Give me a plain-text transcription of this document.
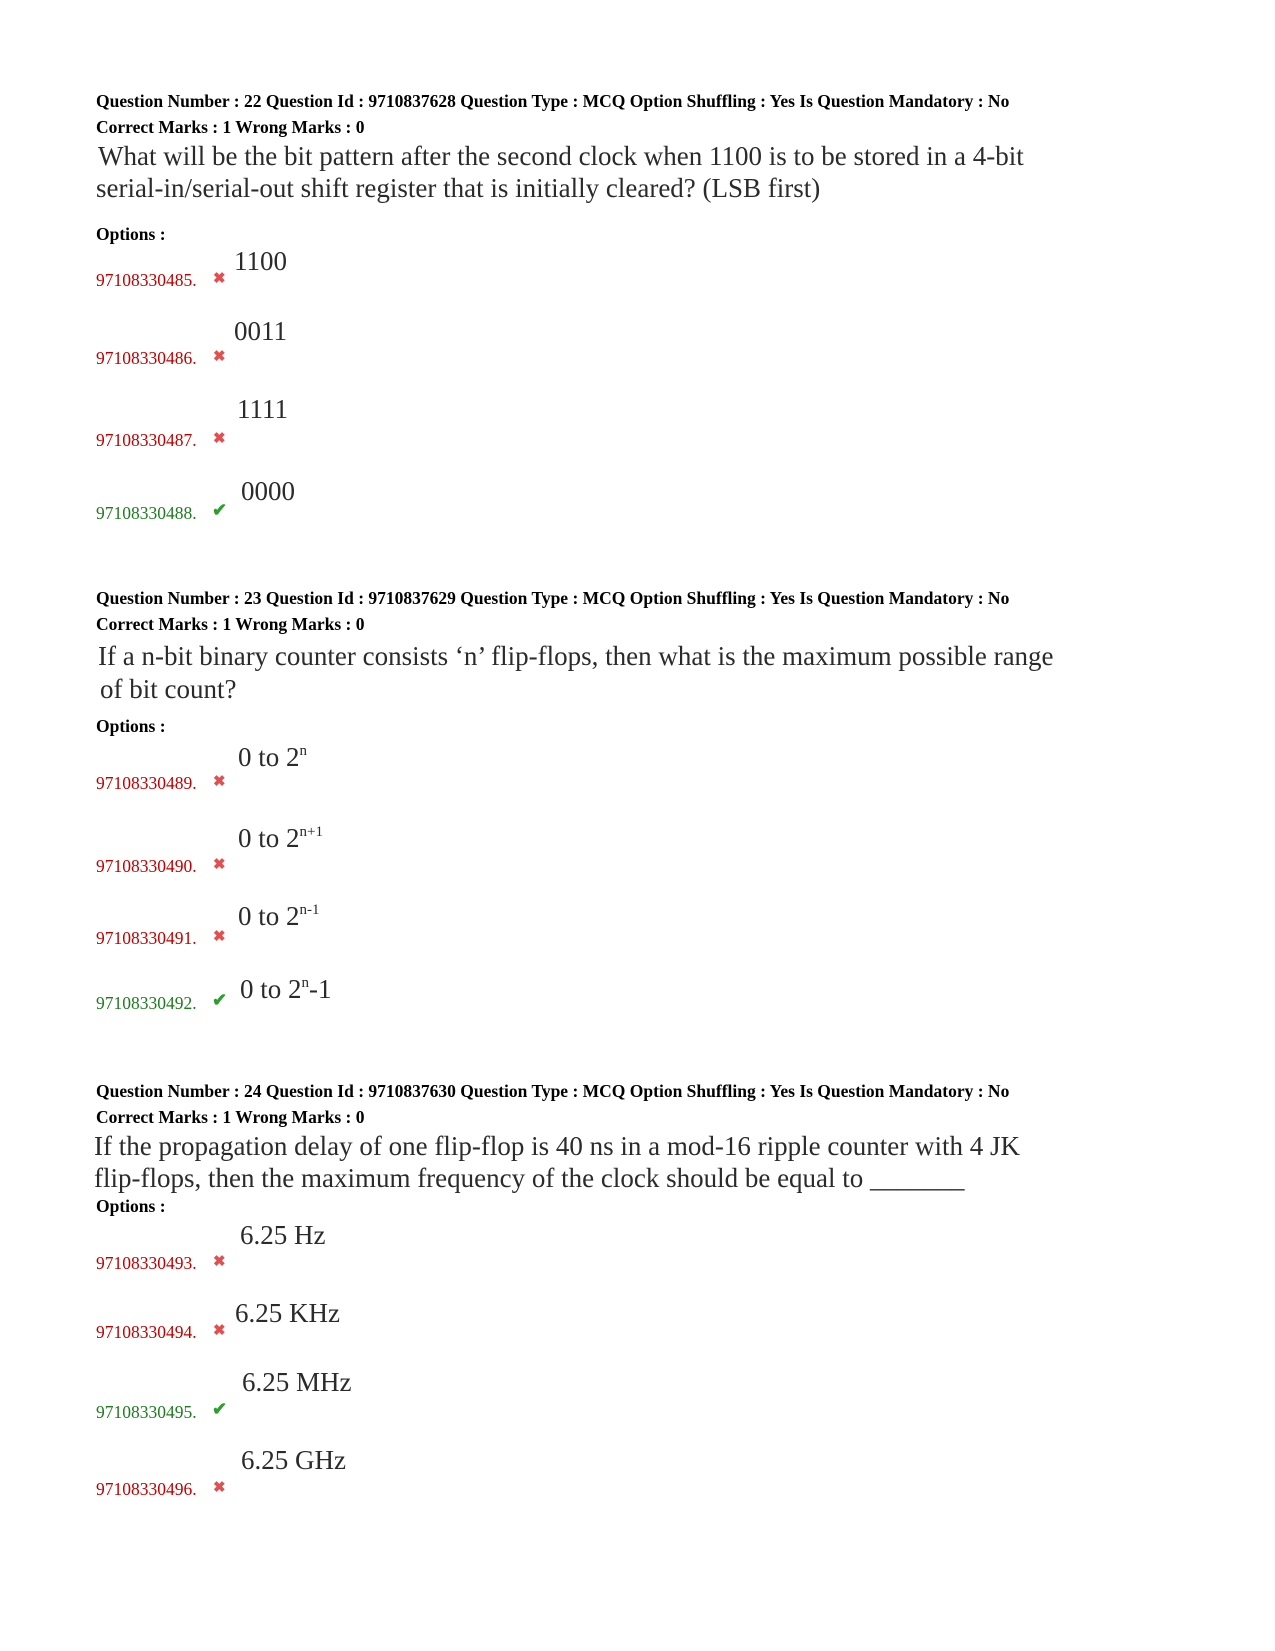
Question Number : 22 Question Id : 9710837628 Question Type : MCQ Option Shuffling : Yes Is Question Mandatory : No
Correct Marks : 1 Wrong Marks : 0
What will be the bit pattern after the second clock when 1100 is to be stored in a 4-bit
serial-in/serial-out shift register that is initially cleared? (LSB first)
Options :
97108330485. ✖
1100
97108330486. ✖
0011
97108330487. ✖
1111
97108330488. ✔
0000
Question Number : 23 Question Id : 9710837629 Question Type : MCQ Option Shuffling : Yes Is Question Mandatory : No
Correct Marks : 1 Wrong Marks : 0
If a n-bit binary counter consists ‘n’ flip-flops, then what is the maximum possible range
of bit count?
Options :
97108330489. ✖
0 to 2$^n$
97108330490. ✖
0 to $2^{n+1}$
97108330491. ✖
0 to 2$^{n-1}$
97108330492. ✔ 0 to 2$^n$-1
Question Number : 24 Question Id : 9710837630 Question Type : MCQ Option Shuffling : Yes Is Question Mandatory : No
Correct Marks : 1 Wrong Marks : 0
If the propagation delay of one flip-flop is 40 ns in a mod-16 ripple counter with 4 JK
flip-flops, then the maximum frequency of the clock should be equal to _______
Options :
97108330493. ✖
6.25 Hz
97108330494. ✖
6.25 KHz
97108330495. ✔
6.25 MHz
97108330496. ✖
6.25 GHz
